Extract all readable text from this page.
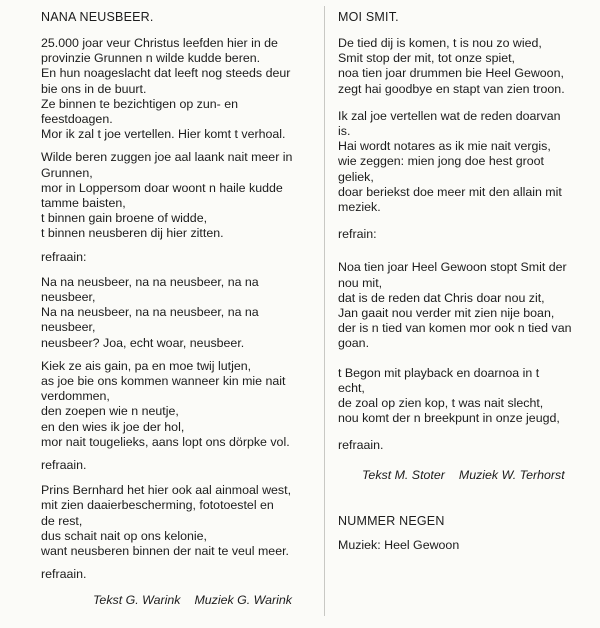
NANA NEUSBEER.
25.000 joar veur Christus leefden hier in de
provinzie Grunnen n wilde kudde beren.
En hun noageslacht dat leeft nog steeds deur
bie ons in de buurt.
Ze binnen te bezichtigen op zun- en
feestdoagen.
Mor ik zal t joe vertellen. Hier komt t verhoal.
Wilde beren zuggen joe aal laank nait meer in
Grunnen,
mor in Loppersom doar woont n haile kudde
tamme baisten,
t binnen gain broene of widde,
t binnen neusberen dij hier zitten.
refraain:
Na na neusbeer, na na neusbeer, na na
neusbeer,
Na na neusbeer, na na neusbeer, na na
neusbeer,
neusbeer? Joa, echt woar, neusbeer.
Kiek ze ais gain, pa en moe twij lutjen,
as joe bie ons kommen wanneer kin mie nait
verdommen,
den zoepen wie n neutje,
en den wies ik joe der hol,
mor nait tougelieks, aans lopt ons dörpke vol.
refraain.
Prins Bernhard het hier ook aal ainmoal west,
mit zien daaierbescherming, fototoestel en
de rest,
dus schait nait op ons kelonie,
want neusberen binnen der nait te veul meer.
refraain.
Tekst G. Warink Muziek G. Warink
MOI SMIT.
De tied dij is komen, t is nou zo wied,
Smit stop der mit, tot onze spiet,
noa tien joar drummen bie Heel Gewoon,
zegt hai goodbye en stapt van zien troon.
Ik zal joe vertellen wat de reden doarvan
is.
Hai wordt notares as ik mie nait vergis,
wie zeggen: mien jong doe hest groot
geliek,
doar beriekst doe meer mit den allain mit
meziek.
refrain:
Noa tien joar Heel Gewoon stopt Smit der
nou mit,
dat is de reden dat Chris doar nou zit,
Jan gaait nou verder mit zien nije boan,
der is n tied van komen mor ook n tied van
goan.
t Begon mit playback en doarnoa in t
echt,
de zoal op zien kop, t was nait slecht,
nou komt der n breekpunt in onze jeugd,
refraain.
Tekst M. Stoter Muziek W. Terhorst
NUMMER NEGEN
Muziek: Heel Gewoon
